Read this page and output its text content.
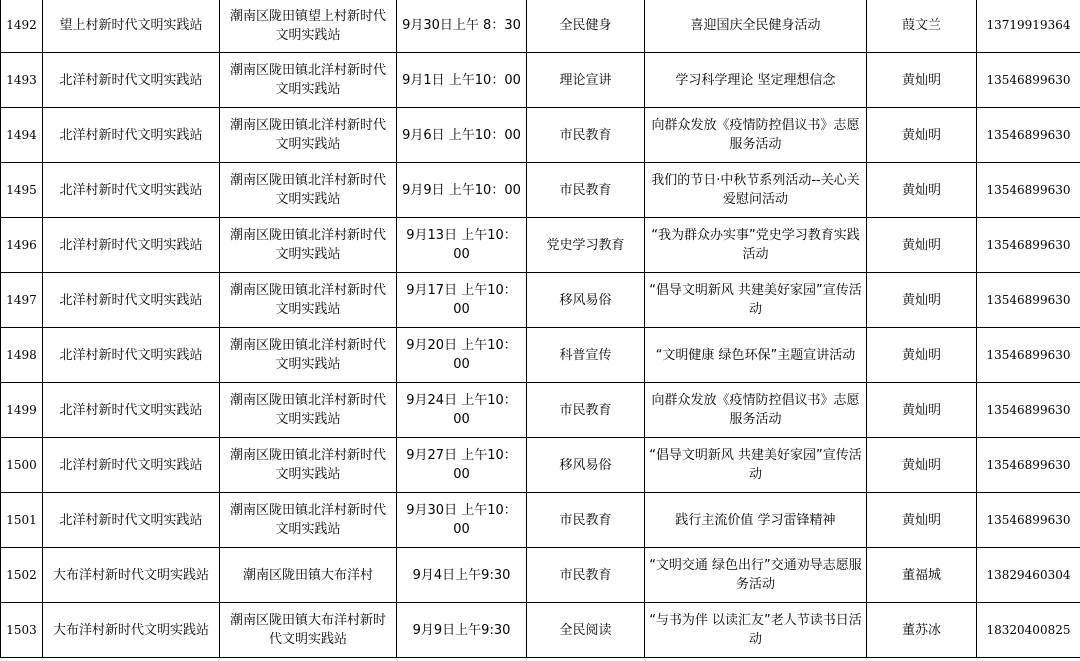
1492	望上村新时代文明实践站	潮南区陇田镇望上村新时代文明实践站	9月30日上午 8：30	全民健身	喜迎国庆全民健身活动	葭文兰	13719919364
1493	北洋村新时代文明实践站	潮南区陇田镇北洋村新时代文明实践站	9月1日 上午10：00	理论宣讲	学习科学理论 坚定理想信念	黄灿明	13546899630
1494	北洋村新时代文明实践站	潮南区陇田镇北洋村新时代文明实践站	9月6日 上午10：00	市民教育	向群众发放《疫情防控倡议书》志愿服务活动	黄灿明	13546899630
1495	北洋村新时代文明实践站	潮南区陇田镇北洋村新时代文明实践站	9月9日 上午10：00	市民教育	我们的节日·中秋节系列活动--关心关爱慰问活动	黄灿明	13546899630
1496	北洋村新时代文明实践站	潮南区陇田镇北洋村新时代文明实践站	9月13日 上午10：00	党史学习教育	“我为群众办实事”党史学习教育实践活动	黄灿明	13546899630
1497	北洋村新时代文明实践站	潮南区陇田镇北洋村新时代文明实践站	9月17日 上午10：00	移风易俗	“倡导文明新风 共建美好家园”宣传活动	黄灿明	13546899630
1498	北洋村新时代文明实践站	潮南区陇田镇北洋村新时代文明实践站	9月20日 上午10：00	科普宣传	“文明健康 绿色环保”主题宣讲活动	黄灿明	13546899630
1499	北洋村新时代文明实践站	潮南区陇田镇北洋村新时代文明实践站	9月24日 上午10：00	市民教育	向群众发放《疫情防控倡议书》志愿服务活动	黄灿明	13546899630
1500	北洋村新时代文明实践站	潮南区陇田镇北洋村新时代文明实践站	9月27日 上午10：00	移风易俗	“倡导文明新风 共建美好家园”宣传活动	黄灿明	13546899630
1501	北洋村新时代文明实践站	潮南区陇田镇北洋村新时代文明实践站	9月30日 上午10：00	市民教育	践行主流价值 学习雷锋精神	黄灿明	13546899630
1502	大布洋村新时代文明实践站	潮南区陇田镇大布洋村	9月4日上午9:30	市民教育	“文明交通 绿色出行”交通劝导志愿服务活动	董福城	13829460304
1503	大布洋村新时代文明实践站	潮南区陇田镇大布洋村新时代文明实践站	9月9日上午9:30	全民阅读	“与书为伴 以读汇友”老人节读书日活动	董苏冰	18320400825
